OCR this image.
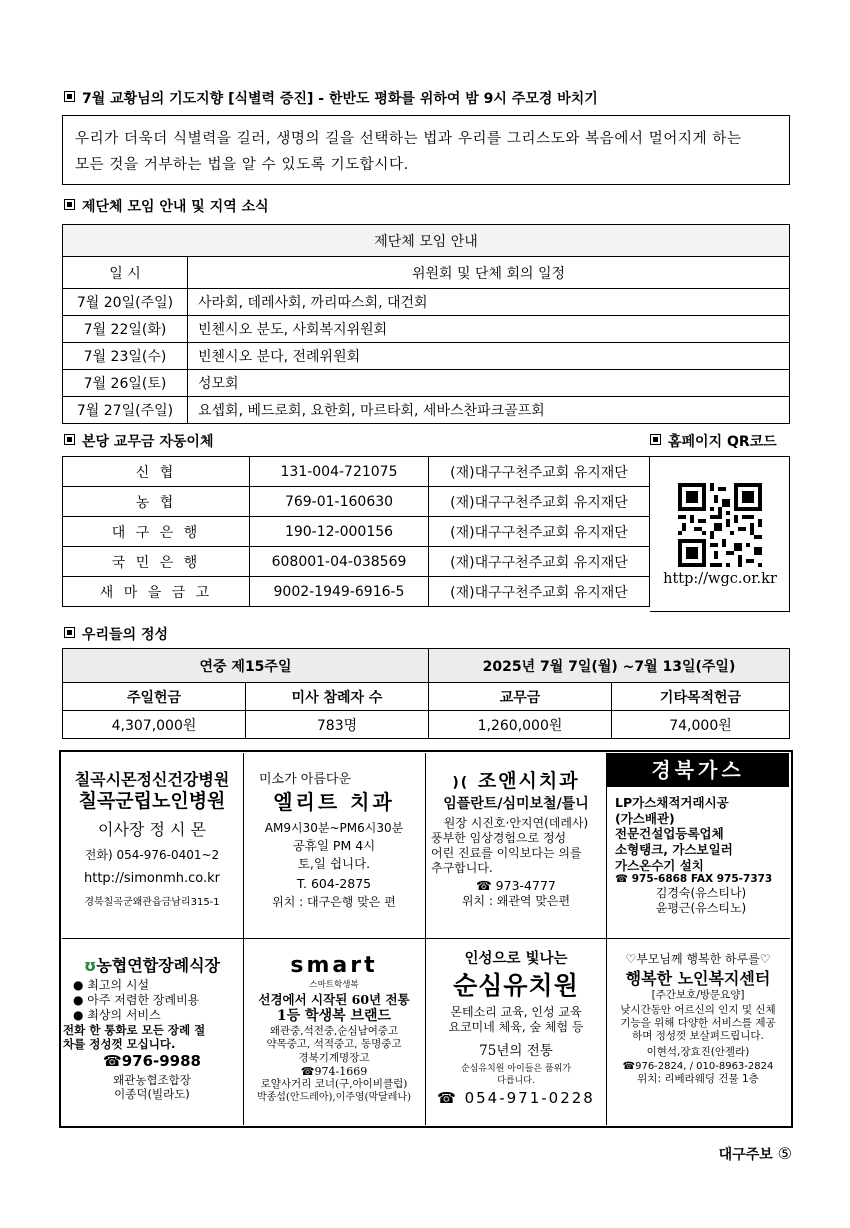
7월 교황님의 기도지향 [식별력 증진] - 한반도 평화를 위하여 밤 9시 주모경 바치기
우리가 더욱더 식별력을 길러, 생명의 길을 선택하는 법과 우리를 그리스도와 복음에서 멀어지게 하는
모든 것을 거부하는 법을 알 수 있도록 기도합시다.
제단체 모임 안내 및 지역 소식
제단체 모임 안내	
일 시	위원회 및 단체 회의 일정
7월 20일(주일)	사라회, 데레사회, 까리따스회, 대건회
7월 22일(화)	빈첸시오 분도, 사회복지위원회
7월 23일(수)	빈첸시오 분다, 전례위원회
7월 26일(토)	성모회
7월 27일(주일)	요셉회, 베드로회, 요한회, 마르타회, 세바스찬파크골프회
본당 교무금 자동이체	홈페이지 QR코드
신 협	131-004-721075	(재)대구구천주교회 유지재단
농 협	769-01-160630	(재)대구구천주교회 유지재단
대 구 은 행	190-12-000156	(재)대구구천주교회 유지재단
국 민 은 행	608001-04-038569	(재)대구구천주교회 유지재단
새 마 을 금 고	9002-1949-6916-5	(재)대구구천주교회 유지재단
http://wgc.or.kr
우리들의 정성
연중 제15주일		2025년 7월 7일(월) ~7월 13일(주일)	
주일헌금	미사 참례자 수	교무금	기타목적헌금
4,307,000원	783명	1,260,000원	74,000원
칠곡시몬정신건강병원
칠곡군립노인병원
이사장 정 시 몬
전화) 054-976-0401~2
http://simonmh.co.kr
경북칠곡군왜관읍금남리315-1
미소가 아름다운
엘리트 치과
AM9시30분~PM6시30분
공휴일 PM 4시
토,일 쉽니다.
T. 604-2875
위치 : 대구은행 맞은 편
)( 조앤시치과
임플란트/심미보철/틀니
원장 시진호·안지연(데레사)
풍부한 임상경험으로 정성
어린 진료를 이익보다는 의를
추구합니다.
☎ 973-4777
위치 : 왜관역 맞은편
경북가스
LP가스채적거래시공
(가스배관)
전문건설업등록업체
소형탱크, 가스보일러
가스온수기 설치
☎ 975-6868 FAX 975-7373
김경숙(유스티나)
윤평근(유스티노)
ʊ농협연합장례식장
● 최고의 시설
● 아주 저렴한 장례비용
● 최상의 서비스
전화 한 통화로 모든 장례 절
차를 정성껏 모십니다.
☎976-9988
왜관농협조합장
이종덕(빌라도)
smart
스마트학생복
선경에서 시작된 60년 전통
1등 학생복 브랜드
왜관중,석전중,순심남여중고
약목중고, 석적중고, 동명중고
경북기계명장고
☎974-1669
로얄사거리 코너(구,아이비클럽)
박종섭(안드레아),이주영(막달레나)
인성으로 빛나는
순심유치원
몬테소리 교육, 인성 교육
요코미네 체육, 숲 체험 등
75년의 전통
순심유치원 아이들은 품위가
다릅니다.
☎ 054-971-0228
♡부모님께 행복한 하루를♡
행복한 노인복지센터
[주간보호/방문요양]
낮시간동안 어르신의 인지 및 신체
기능을 위해 다양한 서비스를 제공
하며 정성껏 보살펴드립니다.
이현석,장효진(안젤라)
☎976-2824, / 010-8963-2824
위치: 리베라웨딩 건물 1층
대구주보 ⑤
